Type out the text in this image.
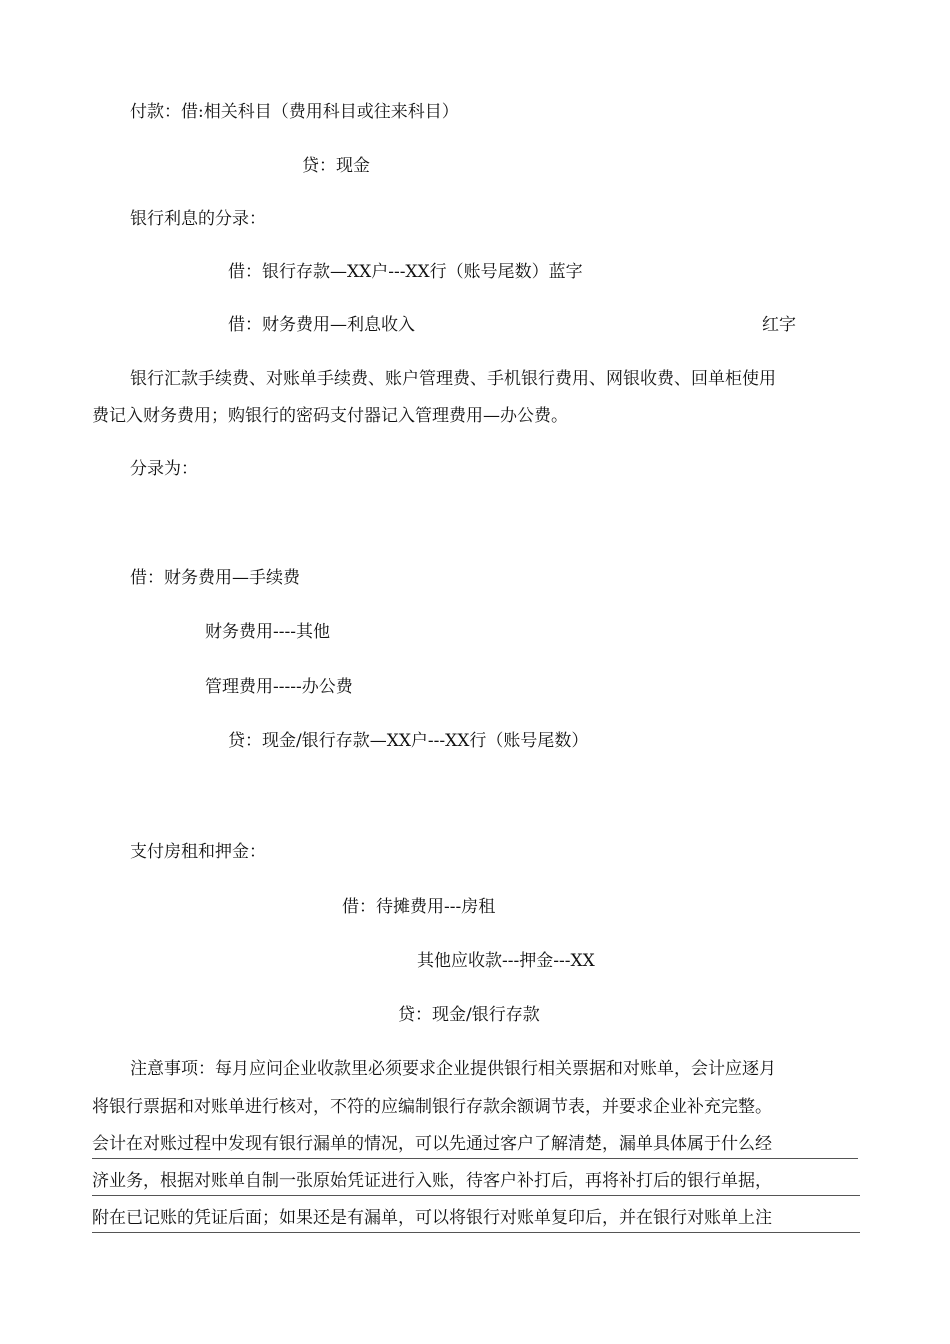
付款：借:相关科目（费用科目或往来科目）
贷：现金
银行利息的分录：
借：银行存款—XX户---XX行（账号尾数）蓝字
借：财务费用—利息收入	红字
银行汇款手续费、对账单手续费、账户管理费、手机银行费用、网银收费、回单柜使用
费记入财务费用；购银行的密码支付器记入管理费用—办公费。
分录为：
借：财务费用—手续费
财务费用----其他
管理费用-----办公费
贷：现金/银行存款—XX户---XX行（账号尾数）
支付房租和押金：
借：待摊费用---房租
其他应收款---押金---XX
贷：现金/银行存款
注意事项：每月应问企业收款里必须要求企业提供银行相关票据和对账单，会计应逐月
将银行票据和对账单进行核对，不符的应编制银行存款余额调节表，并要求企业补充完整。
会计在对账过程中发现有银行漏单的情况，可以先通过客户了解清楚，漏单具体属于什么经
济业务，根据对账单自制一张原始凭证进行入账，待客户补打后，再将补打后的银行单据，
附在已记账的凭证后面；如果还是有漏单，可以将银行对账单复印后，并在银行对账单上注
